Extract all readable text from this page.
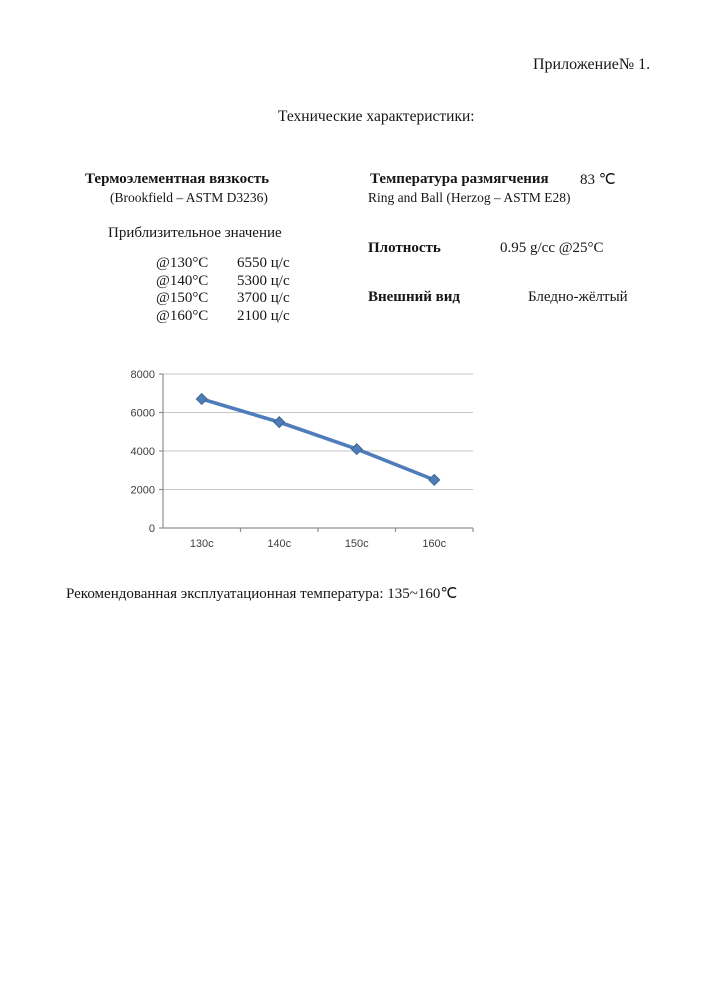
Приложение№ 1.
Технические характеристики:
Термоэлементная вязкость
(Brookfield – ASTM D3236)
Приблизительное значение
@130°C	6550 ц/с
@140°C	5300 ц/с
@150°C	3700 ц/с
@160°C	2100 ц/с
Температура размягчения 83 ℃
Ring and Ball (Herzog – ASTM E28)
Плотность	0.95 g/cc @25°C
Внешний вид	Бледно-жёлтый
0
2000
4000
6000
8000
130c	140c	150c	160c
Рекомендованная эксплуатационная температура: 135~160℃
